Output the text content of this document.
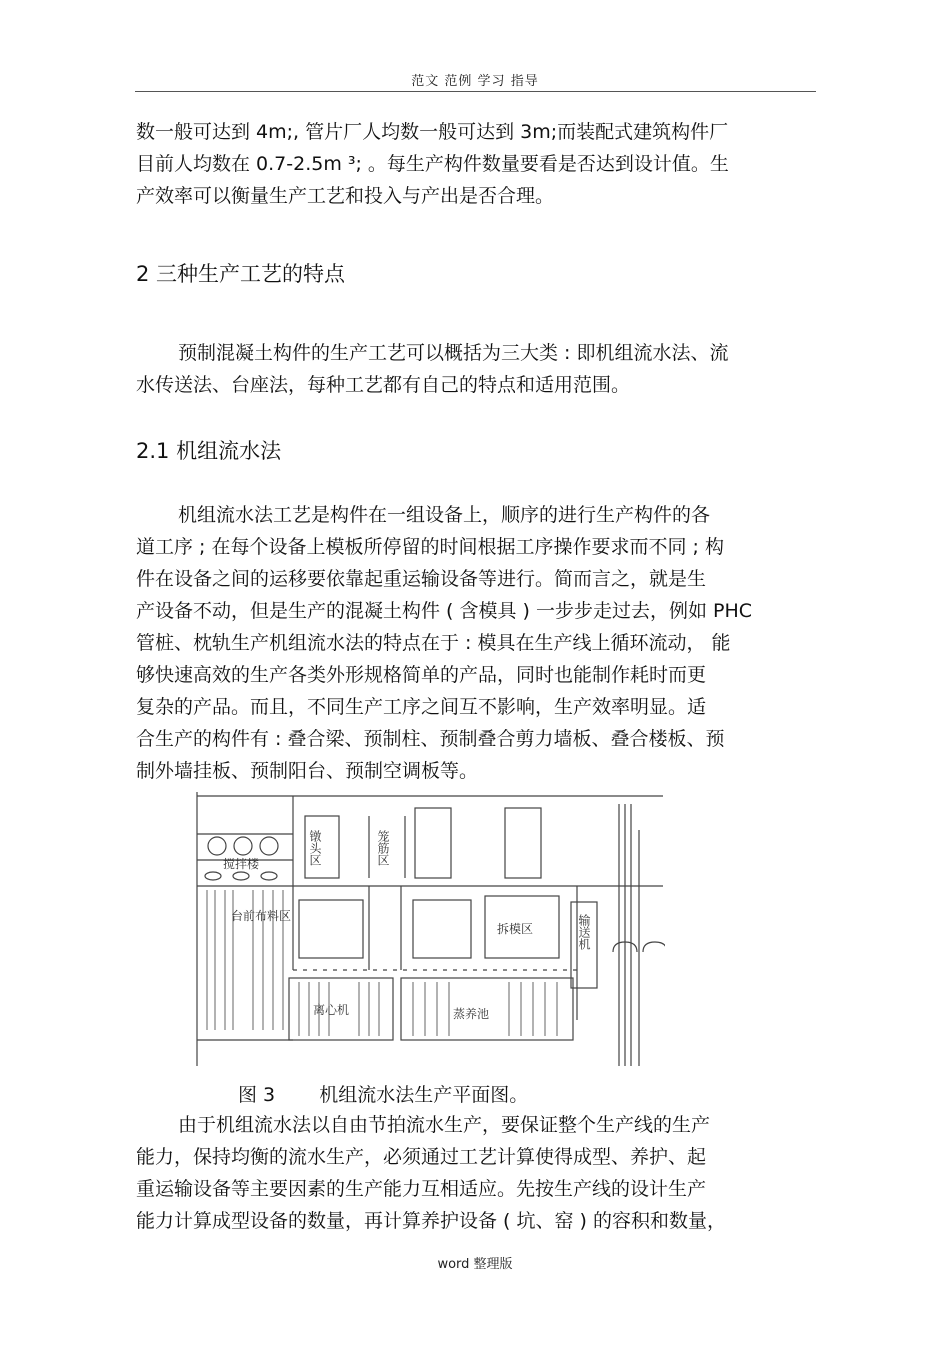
范文 范例 学习 指导

数一般可达到 4m;, 管片厂人均数一般可达到 3m;而装配式建筑构件厂
目前人均数在 0.7-2.5m ³; 。每生产构件数量要看是否达到设计值。生
产效率可以衡量生产工艺和投入与产出是否合理。

2 三种生产工艺的特点

预制混凝土构件的生产工艺可以概括为三大类 : 即机组流水法、流
水传送法、台座法，每种工艺都有自己的特点和适用范围。

2.1 机组流水法

机组流水法工艺是构件在一组设备上，顺序的进行生产构件的各
道工序 ; 在每个设备上模板所停留的时间根据工序操作要求而不同 ; 构
件在设备之间的运移要依靠起重运输设备等进行。简而言之，就是生
产设备不动，但是生产的混凝土构件 ( 含模具 ) 一步步走过去，例如 PHC
管桩、枕轨生产机组流水法的特点在于 : 模具在生产线上循环流动， 能
够快速高效的生产各类外形规格简单的产品，同时也能制作耗时而更
复杂的产品。而且，不同生产工序之间互不影响，生产效率明显。适
合生产的构件有 : 叠合梁、预制柱、预制叠合剪力墙板、叠合楼板、预
制外墙挂板、预制阳台、预制空调板等。

搅拌楼	镦头区	笼筋区
台前布料区
拆模区	输送机
离心机	蒸养池
图 3 机组流水法生产平面图。

由于机组流水法以自由节拍流水生产，要保证整个生产线的生产
能力，保持均衡的流水生产，必须通过工艺计算使得成型、养护、起
重运输设备等主要因素的生产能力互相适应。先按生产线的设计生产
能力计算成型设备的数量，再计算养护设备 ( 坑、窑 ) 的容积和数量，

word 整理版
